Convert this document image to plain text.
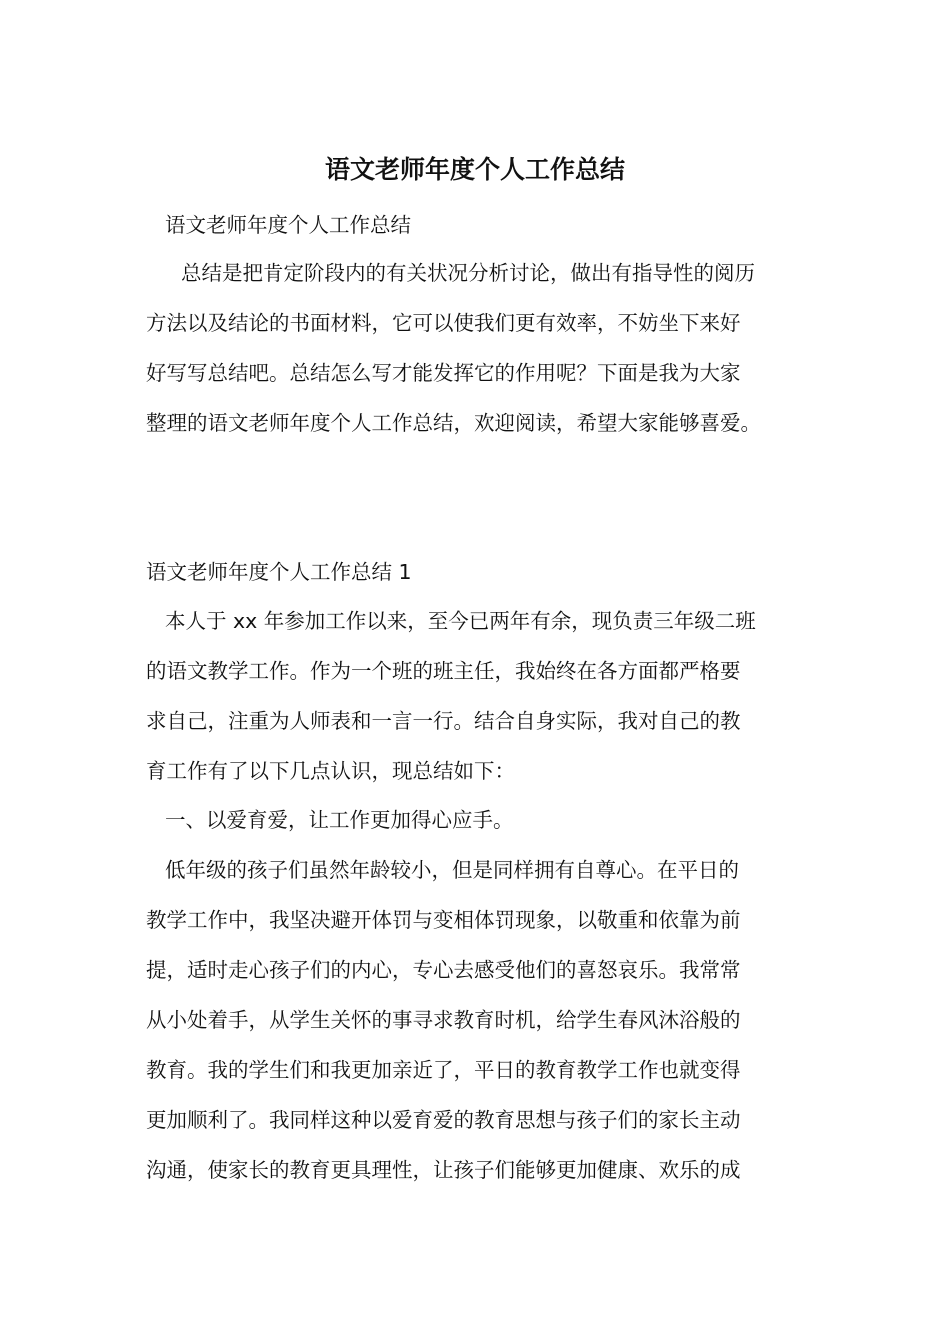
语文老师年度个人工作总结

语文老师年度个人工作总结

总结是把肯定阶段内的有关状况分析讨论，做出有指导性的阅历

方法以及结论的书面材料，它可以使我们更有效率，不妨坐下来好

好写写总结吧。总结怎么写才能发挥它的作用呢？下面是我为大家

整理的语文老师年度个人工作总结，欢迎阅读，希望大家能够喜爱。

语文老师年度个人工作总结 1

本人于 xx 年参加工作以来，至今已两年有余，现负责三年级二班

的语文教学工作。作为一个班的班主任，我始终在各方面都严格要

求自己，注重为人师表和一言一行。结合自身实际，我对自己的教

育工作有了以下几点认识，现总结如下：

一、以爱育爱，让工作更加得心应手。

低年级的孩子们虽然年龄较小，但是同样拥有自尊心。在平日的

教学工作中，我坚决避开体罚与变相体罚现象，以敬重和依靠为前

提，适时走心孩子们的内心，专心去感受他们的喜怒哀乐。我常常

从小处着手，从学生关怀的事寻求教育时机，给学生春风沐浴般的

教育。我的学生们和我更加亲近了，平日的教育教学工作也就变得

更加顺利了。我同样这种以爱育爱的教育思想与孩子们的家长主动

沟通，使家长的教育更具理性，让孩子们能够更加健康、欢乐的成
